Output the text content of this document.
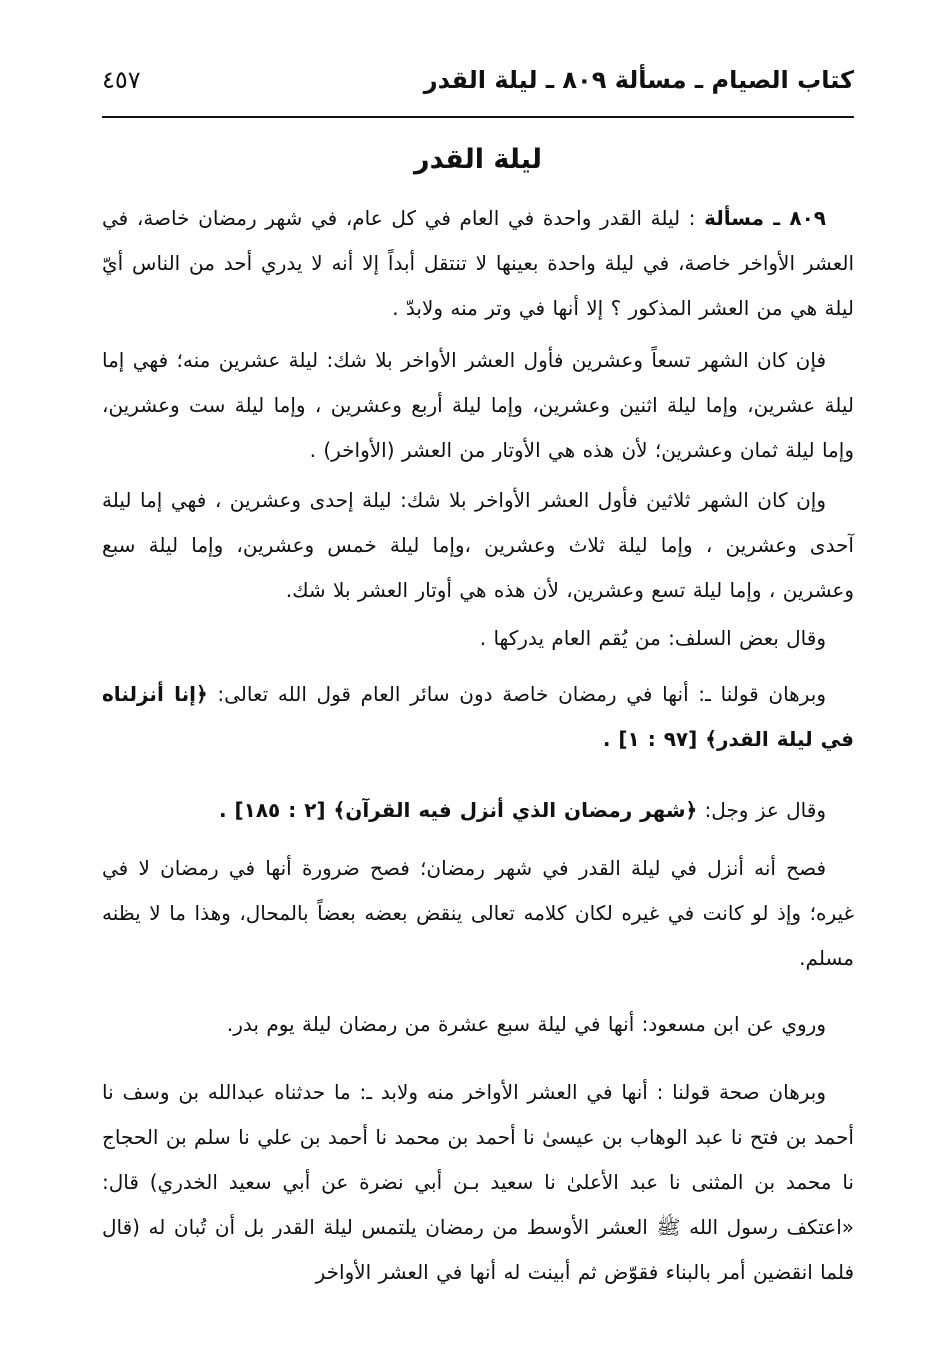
كتاب الصيام ـ مسألة ٨٠٩ ـ ليلة القدر
٤٥٧
ليلة القدر
٨٠٩ ـ مسألة : ليلة القدر واحدة في العام في كل عام، في شهر رمضان خاصة، في العشر الأواخر خاصة، في ليلة واحدة بعينها لا تنتقل أبداً إلا أنه لا يدري أحد من الناس أيّ ليلة هي من العشر المذكور ؟ إلا أنها في وتر منه ولابدّ .
فإن كان الشهر تسعاً وعشرين فأول العشر الأواخر بلا شك: ليلة عشرين منه؛ فهي إما ليلة عشرين، وإما ليلة اثنين وعشرين، وإما ليلة أربع وعشرين ، وإما ليلة ست وعشرين، وإما ليلة ثمان وعشرين؛ لأن هذه هي الأوتار من العشر (الأواخر) .
وإن كان الشهر ثلاثين فأول العشر الأواخر بلا شك: ليلة إحدى وعشرين ، فهي إما ليلة آحدى وعشرين ، وإما ليلة ثلاث وعشرين ،وإما ليلة خمس وعشرين، وإما ليلة سبع وعشرين ، وإما ليلة تسع وعشرين، لأن هذه هي أوتار العشر بلا شك.
وقال بعض السلف: من يُقم العام يدركها .
وبرهان قولنا ـ: أنها في رمضان خاصة دون سائر العام قول الله تعالى: ﴿إنا أنزلناه في ليلة القدر﴾ [٩٧ : ١] .
وقال عز وجل: ﴿شهر رمضان الذي أنزل فيه القرآن﴾ [٢ : ١٨٥] .
فصح أنه أنزل في ليلة القدر في شهر رمضان؛ فصح ضرورة أنها في رمضان لا في غيره؛ وإذ لو كانت في غيره لكان كلامه تعالى ينقض بعضه بعضاً بالمحال، وهذا ما لا يظنه مسلم.
وروي عن ابن مسعود: أنها في ليلة سبع عشرة من رمضان ليلة يوم بدر.
وبرهان صحة قولنا : أنها في العشر الأواخر منه ولابد ـ: ما حدثناه عبدالله بن وسف نا أحمد بن فتح نا عبد الوهاب بن عيسىٰ نا أحمد بن محمد نا أحمد بن علي نا سلم بن الحجاج نا محمد بن المثنى نا عبد الأعلىٰ نا سعيد بـن أبي نضرة عن أبي سعيد الخدري) قال: «اعتكف رسول الله ﷺ العشر الأوسط من رمضان يلتمس ليلة القدر بل أن تُبان له (قال فلما انقضين أمر بالبناء فقوّض ثم أبينت له أنها في العشر الأواخر
